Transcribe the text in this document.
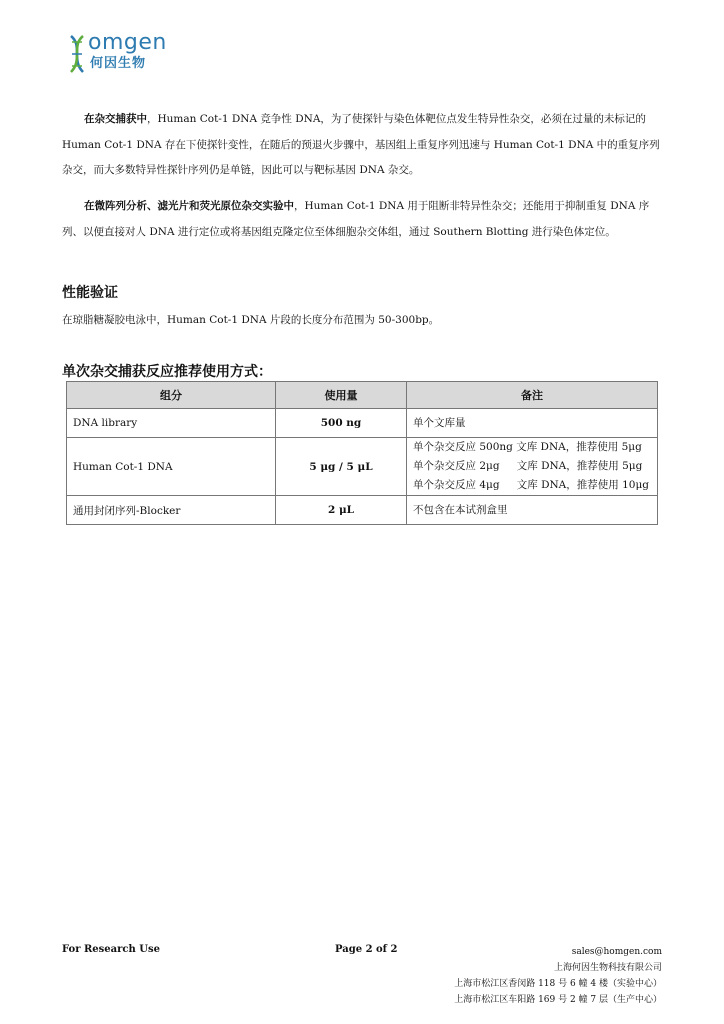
omgen
何因生物

在杂交捕获中，Human Cot-1 DNA 竞争性 DNA，为了使探针与染色体靶位点发生特异性杂交，必须在过量的未标记的 Human Cot-1 DNA 存在下使探针变性，在随后的预退火步骤中，基因组上重复序列迅速与 Human Cot-1 DNA 中的重复序列杂交，而大多数特异性探针序列仍是单链，因此可以与靶标基因 DNA 杂交。

在微阵列分析、滤光片和荧光原位杂交实验中，Human Cot-1 DNA 用于阻断非特异性杂交；还能用于抑制重复 DNA 序列、以便直接对人 DNA 进行定位或将基因组克隆定位至体细胞杂交体组，通过 Southern Blotting 进行染色体定位。

性能验证

在琼脂糖凝胶电泳中，Human Cot-1 DNA 片段的长度分布范围为 50-300bp。

单次杂交捕获反应推荐使用方式：
组分	使用量	备注
DNA library	500 ng	单个文库量

Human Cot-1 DNA	5 μg / 5 μL	单个杂交反应 500ng 文库 DNA，推荐使用 5μg
单个杂交反应 2μg 　 文库 DNA，推荐使用 5μg
单个杂交反应 4μg 　 文库 DNA，推荐使用 10μg

通用封闭序列-Blocker	2 μL	不包含在本试剂盒里
For Research Use	Page 2 of 2	sales@homgen.com
上海何因生物科技有限公司
上海市松江区香闵路 118 号 6 幢 4 楼（实验中心）
上海市松江区车阳路 169 号 2 幢 7 层（生产中心）
